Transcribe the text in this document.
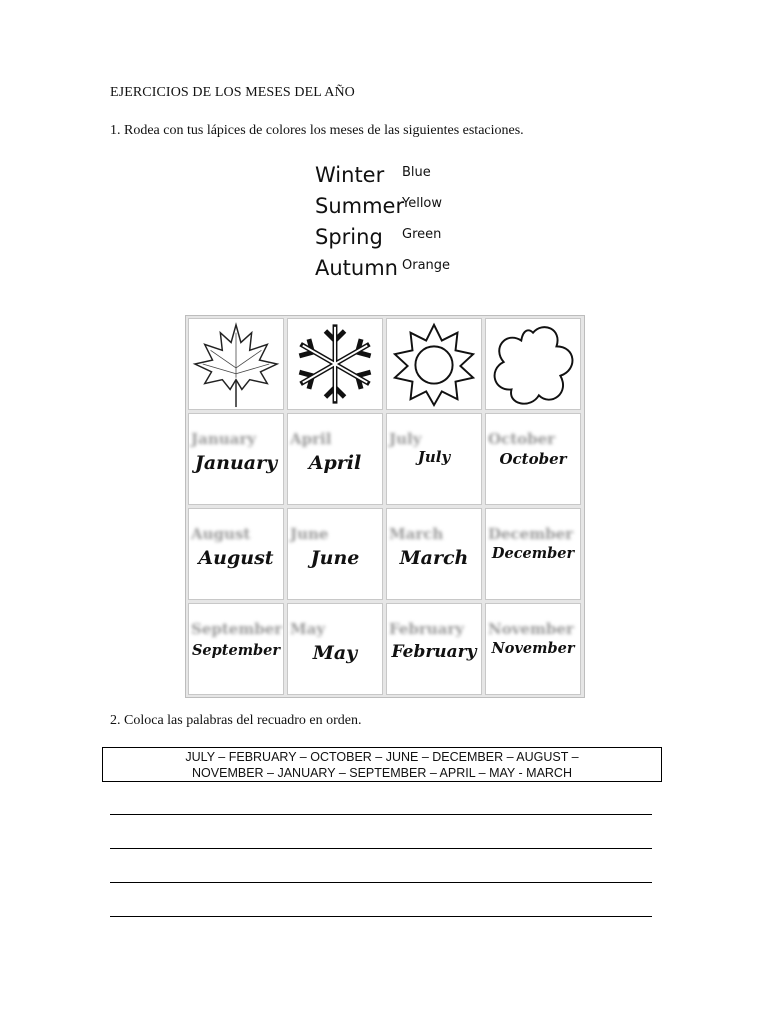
EJERCICIOS DE LOS MESES DEL AÑO
1. Rodea con tus lápices de colores los meses de las siguientes estaciones.
Winter Blue
Summer
Yellow
Spring Green
Autumn Orange
January
January
April
April
July
July
October
October
August
August
June
June
March
March
December
December
September
September
May
May
February
February
November
November
2. Coloca las palabras del recuadro en orden.
JULY – FEBRUARY – OCTOBER – JUNE – DECEMBER – AUGUST –
NOVEMBER – JANUARY – SEPTEMBER – APRIL – MAY - MARCH
